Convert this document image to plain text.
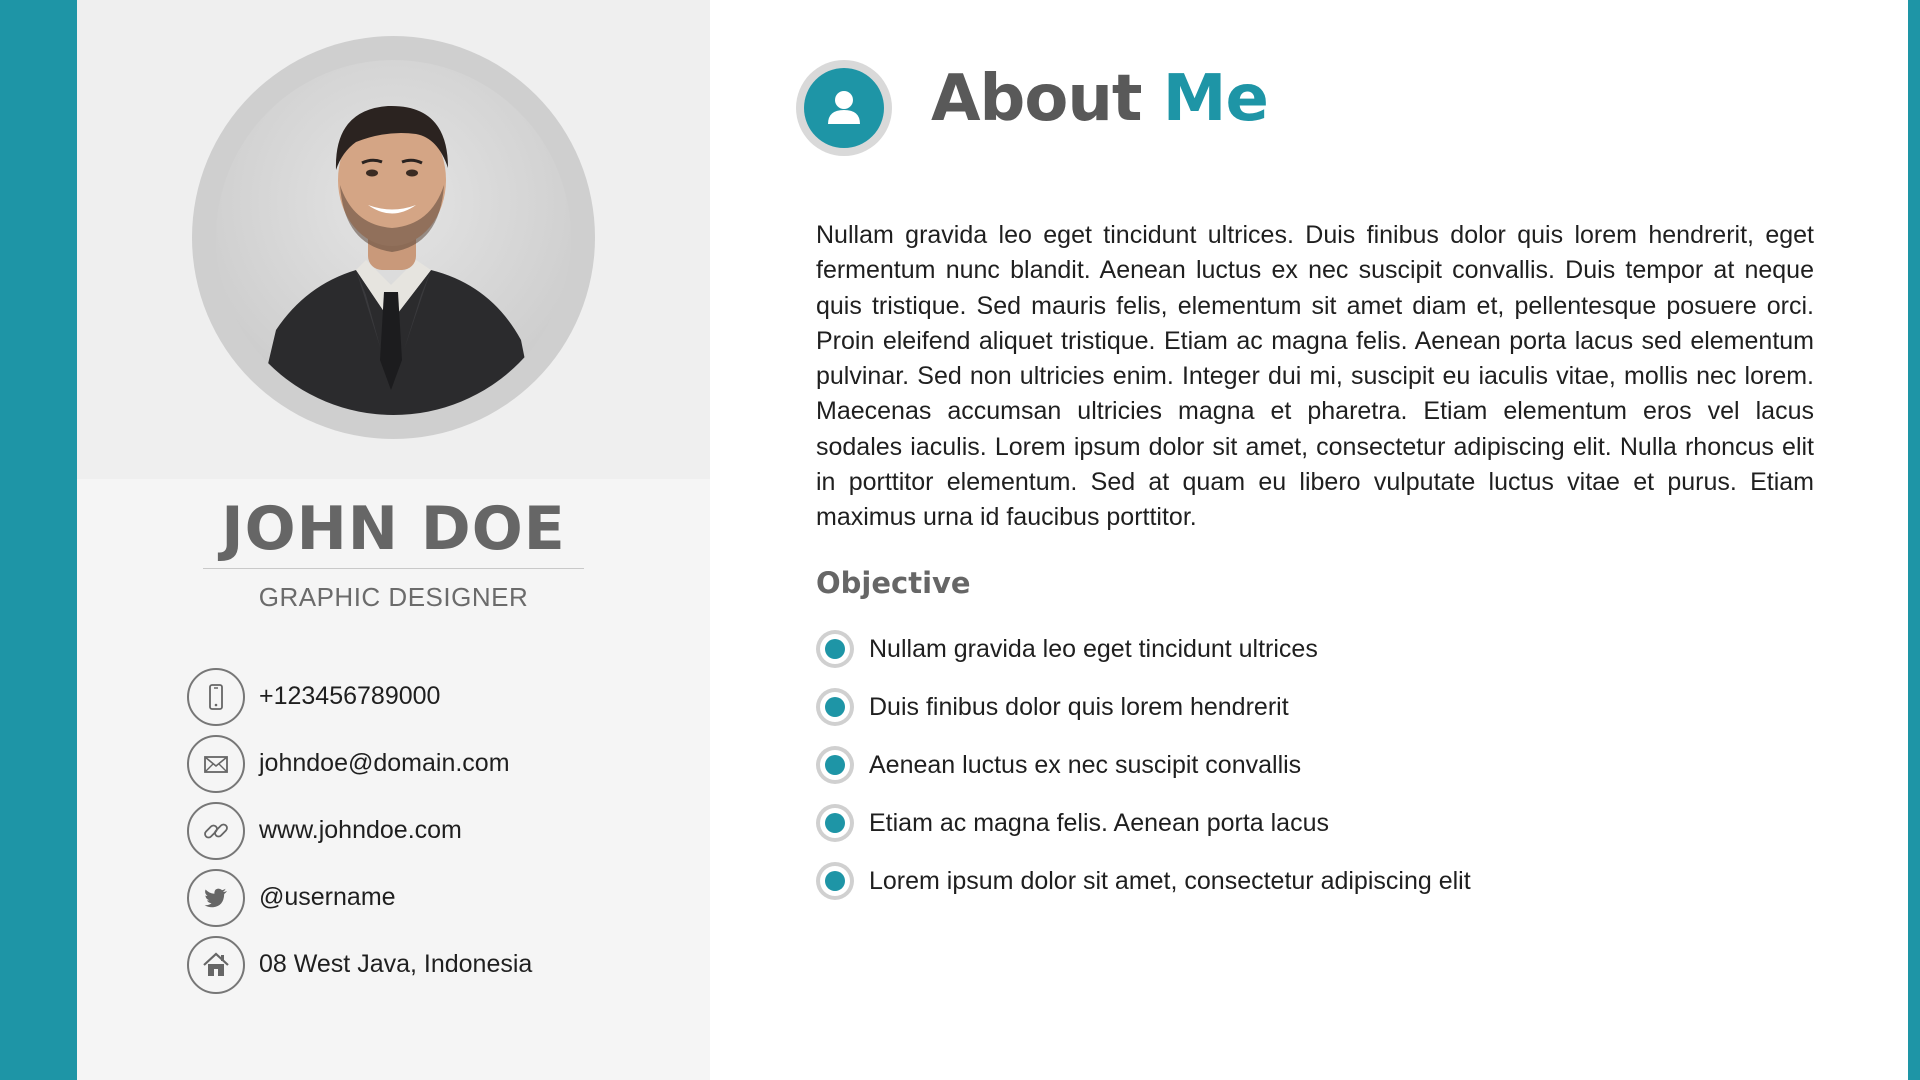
JOHN DOE
GRAPHIC DESIGNER
+123456789000
johndoe@domain.com
www.johndoe.com
@username
08 West Java, Indonesia
About Me

Nullam gravida leo eget tincidunt ultrices. Duis finibus dolor quis lorem hendrerit, eget fermentum nunc blandit. Aenean luctus ex nec suscipit convallis. Duis tempor at neque quis tristique. Sed mauris felis, elementum sit amet diam et, pellentesque posuere orci. Proin eleifend aliquet tristique. Etiam ac magna felis. Aenean porta lacus sed elementum pulvinar. Sed non ultricies enim. Integer dui mi, suscipit eu iaculis vitae, mollis nec lorem. Maecenas accumsan ultricies magna et pharetra. Etiam elementum eros vel lacus sodales iaculis. Lorem ipsum dolor sit amet, consectetur adipiscing elit. Nulla rhoncus elit in porttitor elementum. Sed at quam eu libero vulputate luctus vitae et purus. Etiam maximus urna id faucibus porttitor.

Objective
Nullam gravida leo eget tincidunt ultrices
Duis finibus dolor quis lorem hendrerit
Aenean luctus ex nec suscipit convallis
Etiam ac magna felis. Aenean porta lacus
Lorem ipsum dolor sit amet, consectetur adipiscing elit
